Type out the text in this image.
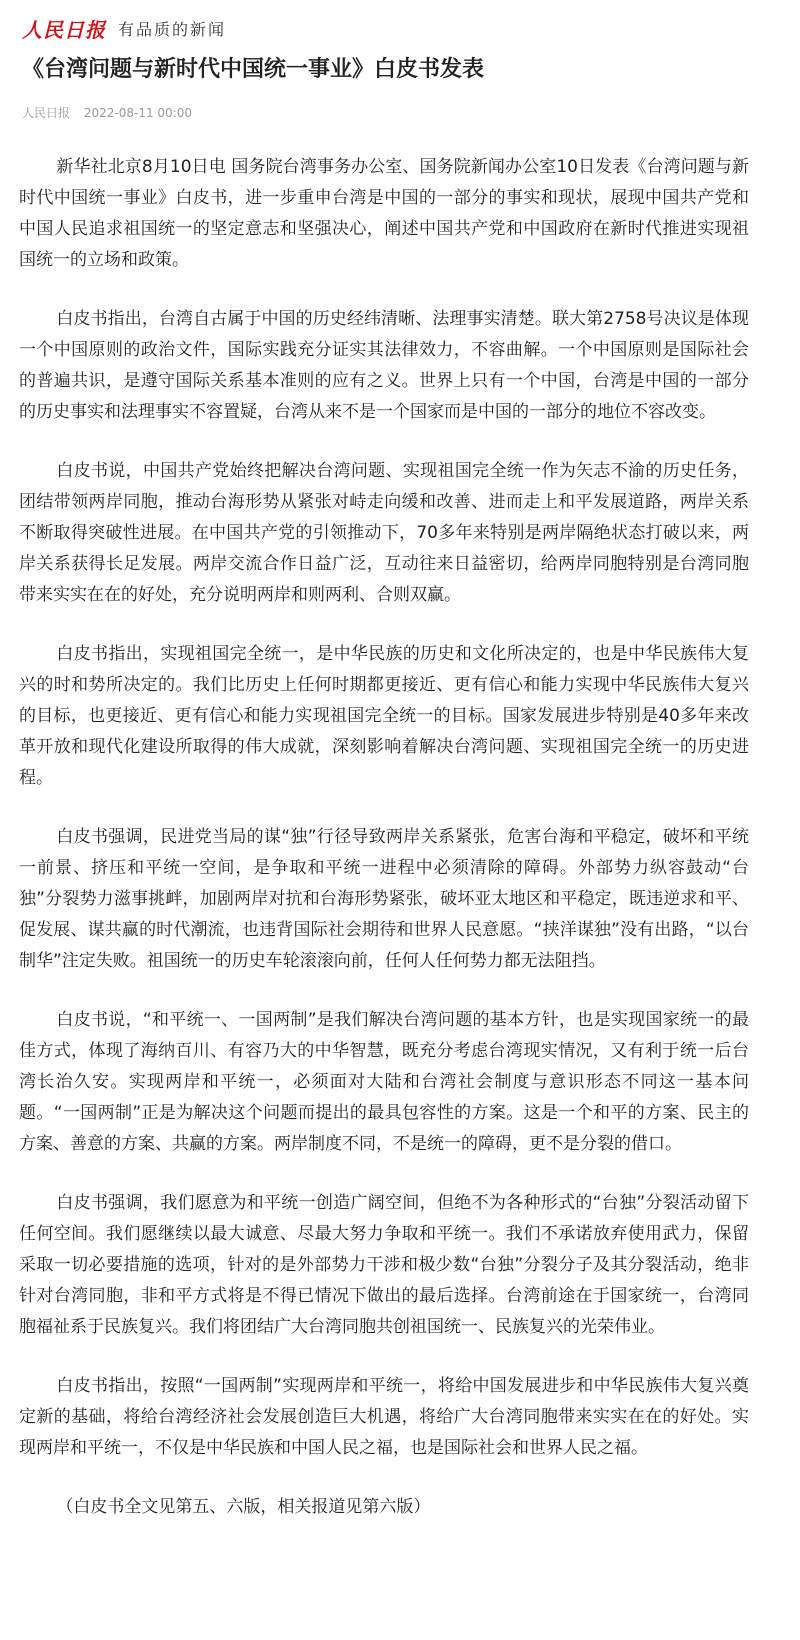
人民日报 有品质的新闻
《台湾问题与新时代中国统一事业》白皮书发表
人民日报 2022-08-11 00:00

新华社北京8月10日电 国务院台湾事务办公室、国务院新闻办公室10日发表《台湾问题与新时代中国统一事业》白皮书，进一步重申台湾是中国的一部分的事实和现状，展现中国共产党和中国人民追求祖国统一的坚定意志和坚强决心，阐述中国共产党和中国政府在新时代推进实现祖国统一的立场和政策。

白皮书指出，台湾自古属于中国的历史经纬清晰、法理事实清楚。联大第2758号决议是体现一个中国原则的政治文件，国际实践充分证实其法律效力，不容曲解。一个中国原则是国际社会的普遍共识，是遵守国际关系基本准则的应有之义。世界上只有一个中国，台湾是中国的一部分的历史事实和法理事实不容置疑，台湾从来不是一个国家而是中国的一部分的地位不容改变。

白皮书说，中国共产党始终把解决台湾问题、实现祖国完全统一作为矢志不渝的历史任务，团结带领两岸同胞，推动台海形势从紧张对峙走向缓和改善、进而走上和平发展道路，两岸关系不断取得突破性进展。在中国共产党的引领推动下，70多年来特别是两岸隔绝状态打破以来，两岸关系获得长足发展。两岸交流合作日益广泛，互动往来日益密切，给两岸同胞特别是台湾同胞带来实实在在的好处，充分说明两岸和则两利、合则双赢。

白皮书指出，实现祖国完全统一，是中华民族的历史和文化所决定的，也是中华民族伟大复兴的时和势所决定的。我们比历史上任何时期都更接近、更有信心和能力实现中华民族伟大复兴的目标，也更接近、更有信心和能力实现祖国完全统一的目标。国家发展进步特别是40多年来改革开放和现代化建设所取得的伟大成就，深刻影响着解决台湾问题、实现祖国完全统一的历史进程。

白皮书强调，民进党当局的谋“独”行径导致两岸关系紧张，危害台海和平稳定，破坏和平统一前景、挤压和平统一空间，是争取和平统一进程中必须清除的障碍。外部势力纵容鼓动“台独”分裂势力滋事挑衅，加剧两岸对抗和台海形势紧张，破坏亚太地区和平稳定，既违逆求和平、促发展、谋共赢的时代潮流，也违背国际社会期待和世界人民意愿。“挟洋谋独”没有出路，“以台制华”注定失败。祖国统一的历史车轮滚滚向前，任何人任何势力都无法阻挡。

白皮书说，“和平统一、一国两制”是我们解决台湾问题的基本方针，也是实现国家统一的最佳方式，体现了海纳百川、有容乃大的中华智慧，既充分考虑台湾现实情况，又有利于统一后台湾长治久安。实现两岸和平统一，必须面对大陆和台湾社会制度与意识形态不同这一基本问题。“一国两制”正是为解决这个问题而提出的最具包容性的方案。这是一个和平的方案、民主的方案、善意的方案、共赢的方案。两岸制度不同，不是统一的障碍，更不是分裂的借口。

白皮书强调，我们愿意为和平统一创造广阔空间，但绝不为各种形式的“台独”分裂活动留下任何空间。我们愿继续以最大诚意、尽最大努力争取和平统一。我们不承诺放弃使用武力，保留采取一切必要措施的选项，针对的是外部势力干涉和极少数“台独”分裂分子及其分裂活动，绝非针对台湾同胞，非和平方式将是不得已情况下做出的最后选择。台湾前途在于国家统一，台湾同胞福祉系于民族复兴。我们将团结广大台湾同胞共创祖国统一、民族复兴的光荣伟业。

白皮书指出，按照“一国两制”实现两岸和平统一，将给中国发展进步和中华民族伟大复兴奠定新的基础，将给台湾经济社会发展创造巨大机遇，将给广大台湾同胞带来实实在在的好处。实现两岸和平统一，不仅是中华民族和中国人民之福，也是国际社会和世界人民之福。

（白皮书全文见第五、六版，相关报道见第六版）
